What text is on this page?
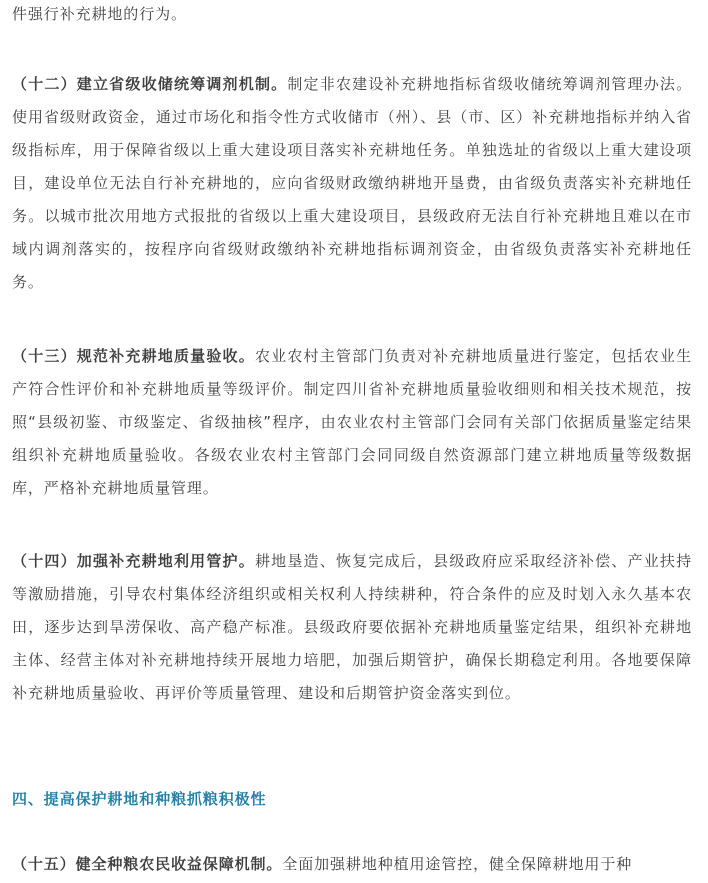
件强行补充耕地的行为。

（十二）建立省级收储统筹调剂机制。制定非农建设补充耕地指标省级收储统筹调剂管理办法。使用省级财政资金，通过市场化和指令性方式收储市（州）、县（市、区）补充耕地指标并纳入省级指标库，用于保障省级以上重大建设项目落实补充耕地任务。单独选址的省级以上重大建设项目，建设单位无法自行补充耕地的，应向省级财政缴纳耕地开垦费，由省级负责落实补充耕地任务。以城市批次用地方式报批的省级以上重大建设项目，县级政府无法自行补充耕地且难以在市域内调剂落实的，按程序向省级财政缴纳补充耕地指标调剂资金，由省级负责落实补充耕地任务。

（十三）规范补充耕地质量验收。农业农村主管部门负责对补充耕地质量进行鉴定，包括农业生产符合性评价和补充耕地质量等级评价。制定四川省补充耕地质量验收细则和相关技术规范，按照“县级初鉴、市级鉴定、省级抽核”程序，由农业农村主管部门会同有关部门依据质量鉴定结果组织补充耕地质量验收。各级农业农村主管部门会同同级自然资源部门建立耕地质量等级数据库，严格补充耕地质量管理。

（十四）加强补充耕地利用管护。耕地垦造、恢复完成后，县级政府应采取经济补偿、产业扶持等激励措施，引导农村集体经济组织或相关权利人持续耕种，符合条件的应及时划入永久基本农田，逐步达到旱涝保收、高产稳产标准。县级政府要依据补充耕地质量鉴定结果，组织补充耕地主体、经营主体对补充耕地持续开展地力培肥，加强后期管护，确保长期稳定利用。各地要保障补充耕地质量验收、再评价等质量管理、建设和后期管护资金落实到位。

四、提高保护耕地和种粮抓粮积极性

（十五）健全种粮农民收益保障机制。全面加强耕地种植用途管控，健全保障耕地用于种
